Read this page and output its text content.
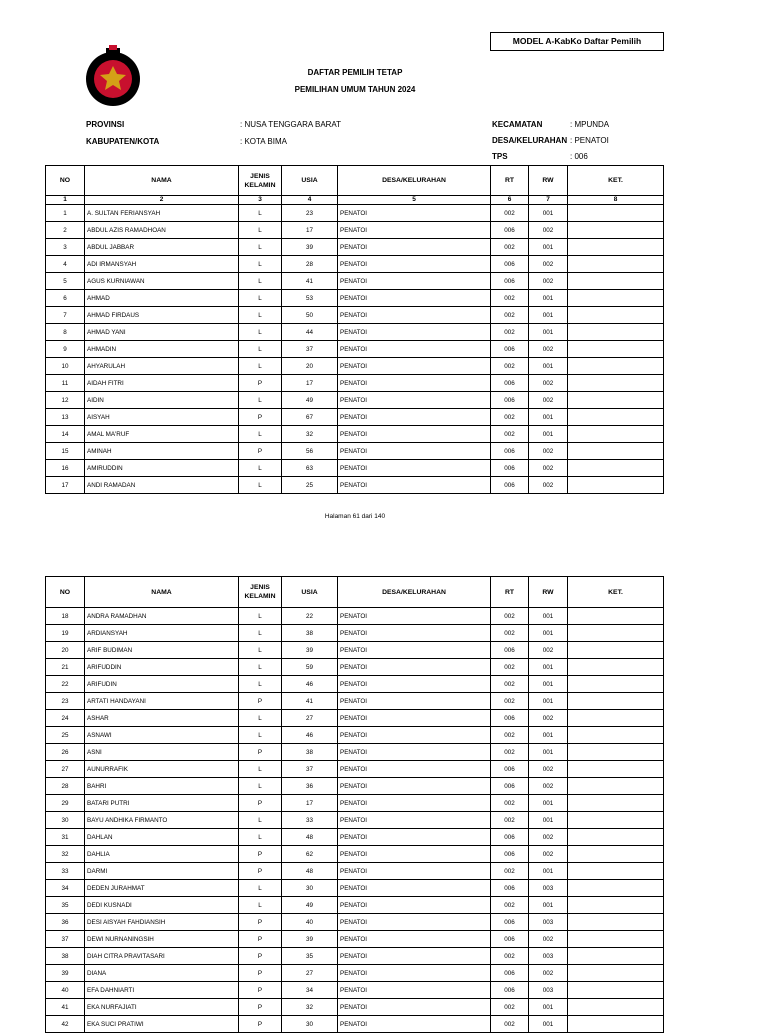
MODEL A-KabKo Daftar Pemilih
DAFTAR PEMILIH TETAP
PEMILIHAN UMUM TAHUN 2024
PROVINSI	: NUSA TENGGARA BARAT
KABUPATEN/KOTA	: KOTA BIMA
KECAMATAN	: MPUNDA
DESA/KELURAHAN : PENATOI
TPS	: 006
NO	NAMA	JENIS
KELAMIN	USIA	DESA/KELURAHAN	RT	RW	KET.
1	2	3	4	5	6	7	8
1	A. SULTAN FERIANSYAH	L	23	PENATOI	002	001	
2	ABDUL AZIS RAMADHOAN	L	17	PENATOI	006	002	
3	ABDUL JABBAR	L	39	PENATOI	002	001	
4	ADI IRMANSYAH	L	28	PENATOI	006	002	
5	AGUS KURNIAWAN	L	41	PENATOI	006	002	
6	AHMAD	L	53	PENATOI	002	001	
7	AHMAD FIRDAUS	L	50	PENATOI	002	001	
8	AHMAD YANI	L	44	PENATOI	002	001	
9	AHMADIN	L	37	PENATOI	006	002	
10	AHYARULAH	L	20	PENATOI	002	001	
11	AIDAH FITRI	P	17	PENATOI	006	002	
12	AIDIN	L	49	PENATOI	006	002	
13	AISYAH	P	67	PENATOI	002	001	
14	AMAL MA'RUF	L	32	PENATOI	002	001	
15	AMINAH	P	56	PENATOI	006	002	
16	AMIRUDDIN	L	63	PENATOI	006	002	
17	ANDI RAMADAN	L	25	PENATOI	006	002	
Halaman 61 dari 140
NO	NAMA	JENIS
KELAMIN	USIA	DESA/KELURAHAN	RT	RW	KET.
18	ANDRA RAMADHAN	L	22	PENATOI	002	001	
19	ARDIANSYAH	L	38	PENATOI	002	001	
20	ARIF BUDIMAN	L	39	PENATOI	006	002	
21	ARIFUDDIN	L	59	PENATOI	002	001	
22	ARIFUDIN	L	46	PENATOI	002	001	
23	ARTATI HANDAYANI	P	41	PENATOI	002	001	
24	ASHAR	L	27	PENATOI	006	002	
25	ASNAWI	L	46	PENATOI	002	001	
26	ASNI	P	38	PENATOI	002	001	
27	AUNURRAFIK	L	37	PENATOI	006	002	
28	BAHRI	L	36	PENATOI	006	002	
29	BATARI PUTRI	P	17	PENATOI	002	001	
30	BAYU ANDHIKA FIRMANTO	L	33	PENATOI	002	001	
31	DAHLAN	L	48	PENATOI	006	002	
32	DAHLIA	P	62	PENATOI	006	002	
33	DARMI	P	48	PENATOI	002	001	
34	DEDEN JURAHMAT	L	30	PENATOI	006	003	
35	DEDI KUSNADI	L	49	PENATOI	002	001	
36	DESI AISYAH FAHDIANSIH	P	40	PENATOI	006	003	
37	DEWI NURNANINGSIH	P	39	PENATOI	006	002	
38	DIAH CITRA PRAVITASARI	P	35	PENATOI	002	003	
39	DIANA	P	27	PENATOI	006	002	
40	EFA DAHNIARTI	P	34	PENATOI	006	003	
41	EKA NURFAJIATI	P	32	PENATOI	002	001	
42	EKA SUCI PRATIWI	P	30	PENATOI	002	001	
